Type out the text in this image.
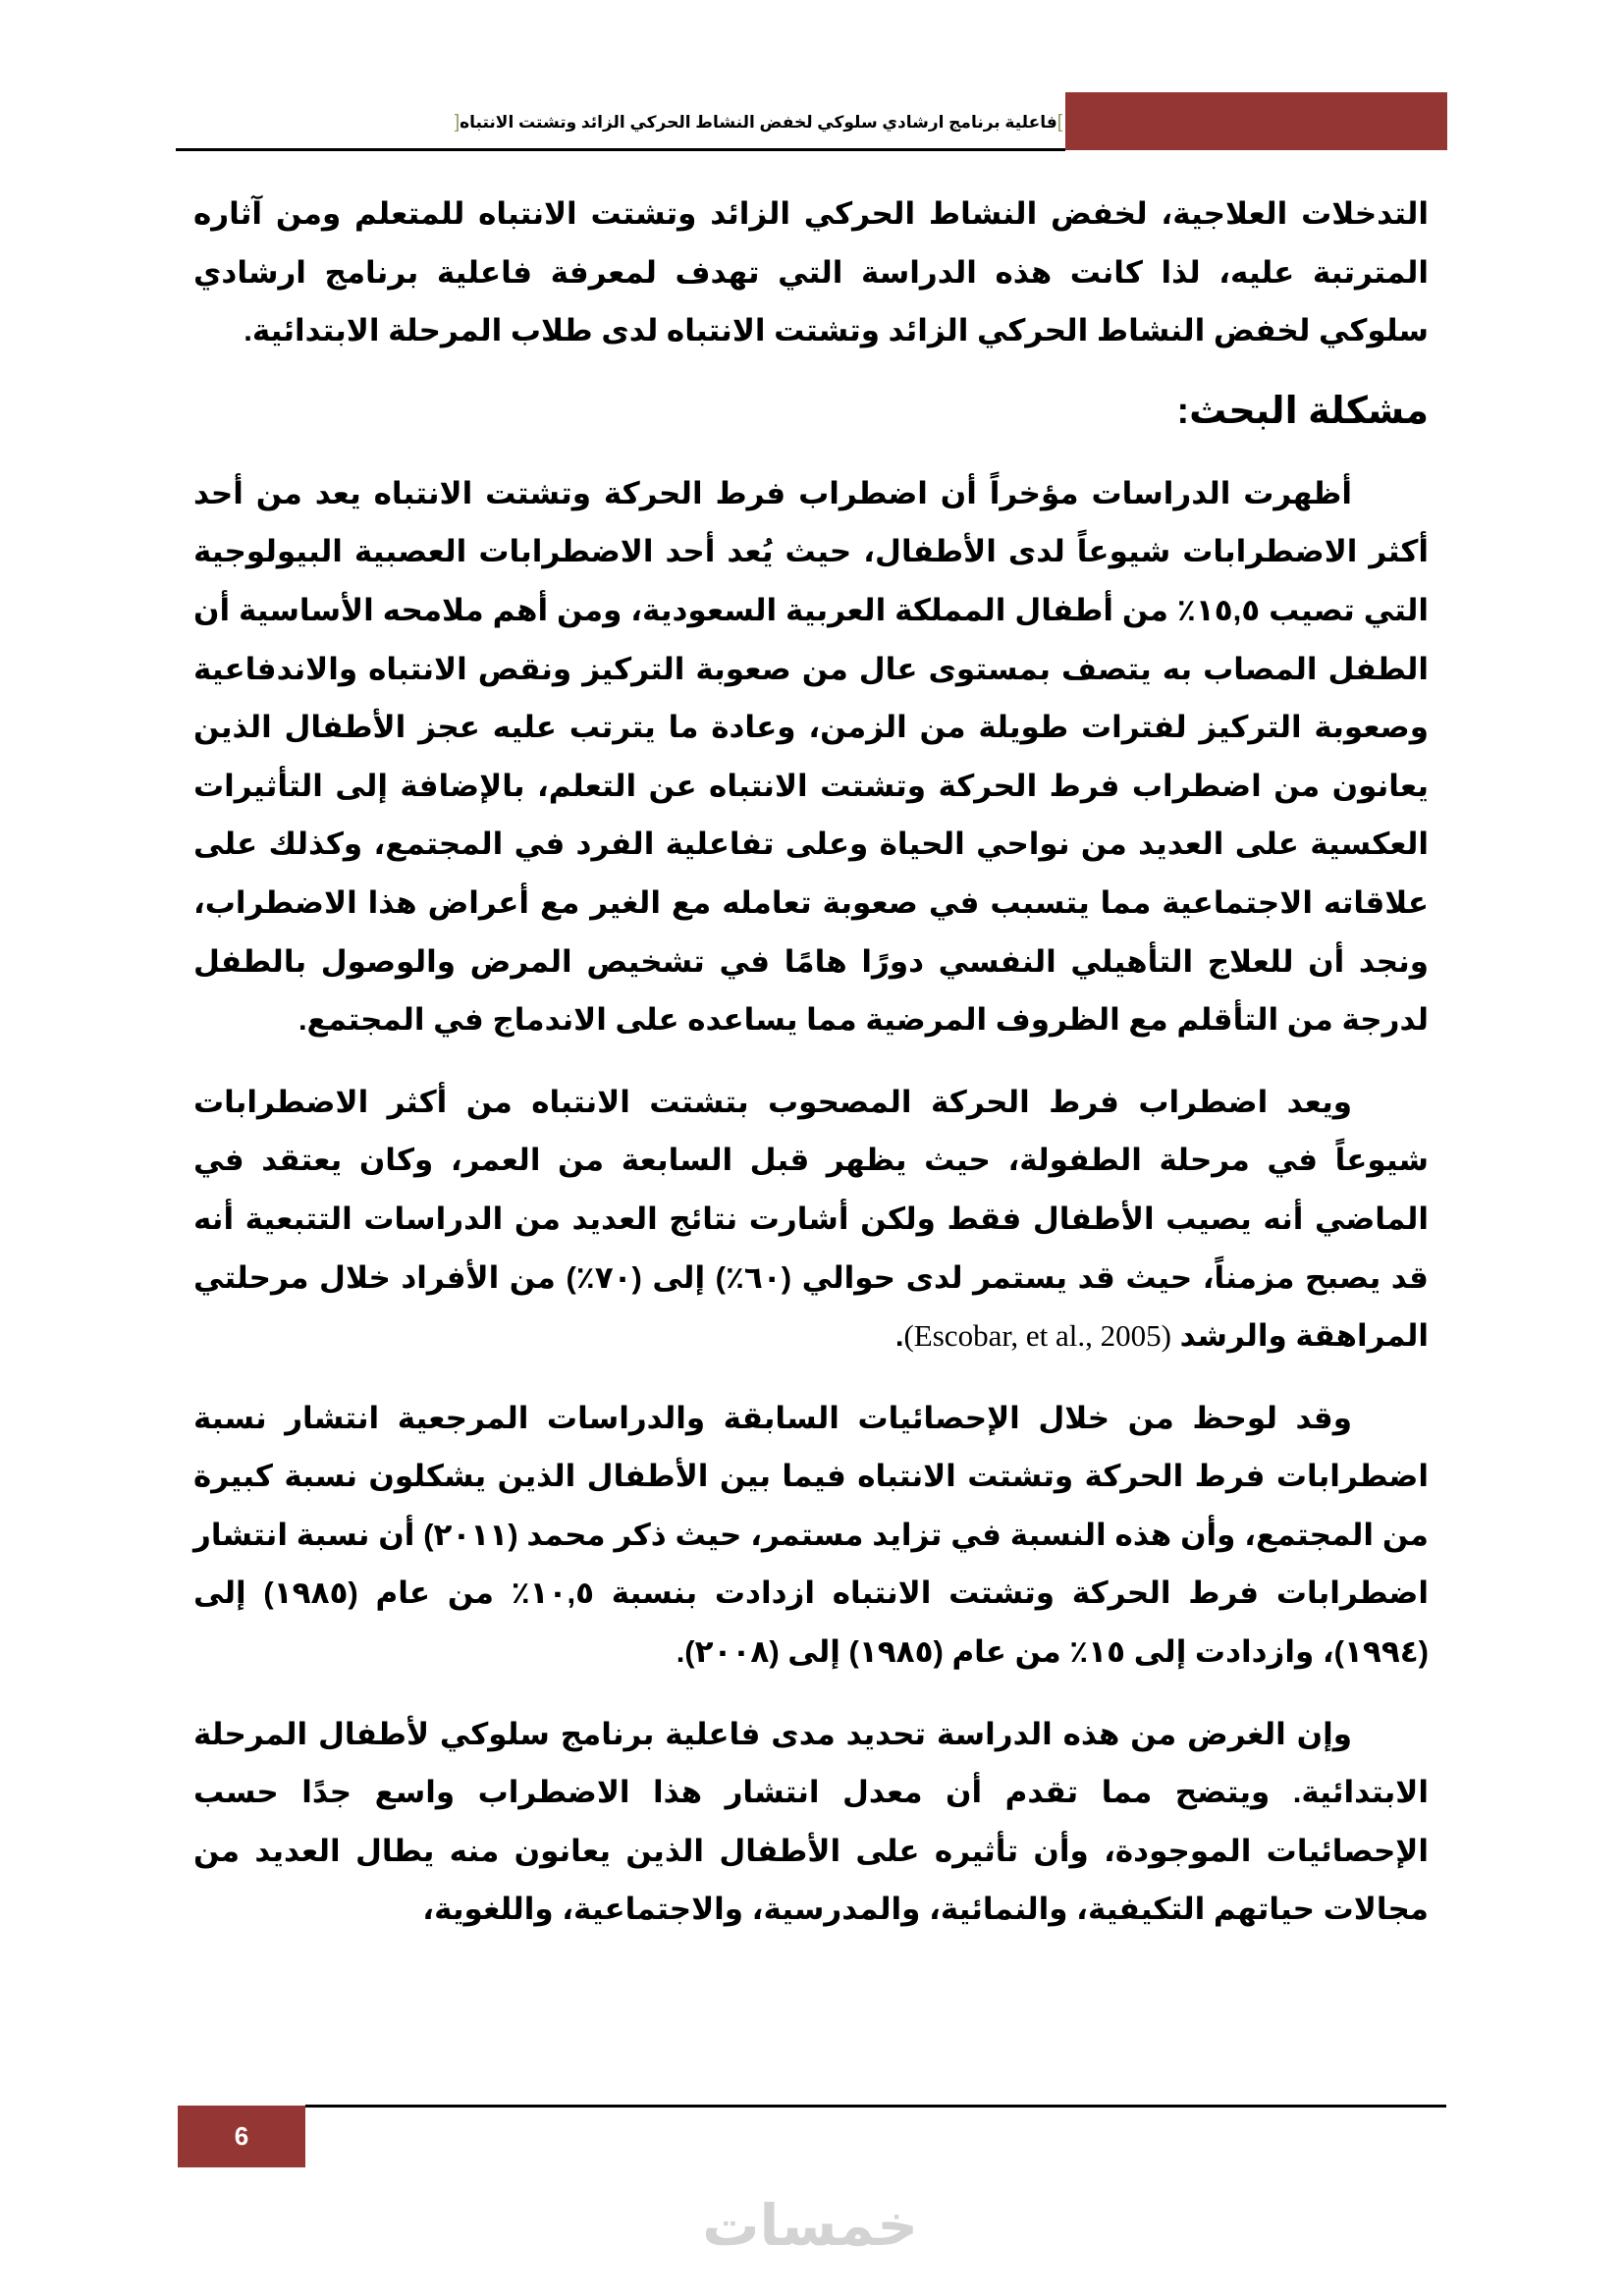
]فاعلية برنامج ارشادي سلوكي لخفض النشاط الحركي الزائد وتشتت الانتباه[

التدخلات العلاجية، لخفض النشاط الحركي الزائد وتشتت الانتباه للمتعلم ومن آثاره المترتبة عليه، لذا كانت هذه الدراسة التي تهدف لمعرفة فاعلية برنامج ارشادي سلوكي لخفض النشاط الحركي الزائد وتشتت الانتباه لدى طلاب المرحلة الابتدائية.

مشكلة البحث:

أظهرت الدراسات مؤخراً أن اضطراب فرط الحركة وتشتت الانتباه يعد من أحد أكثر الاضطرابات شيوعاً لدى الأطفال، حيث يُعد أحد الاضطرابات العصبية البيولوجية التي تصيب ١٥,٥٪ من أطفال المملكة العربية السعودية، ومن أهم ملامحه الأساسية أن الطفل المصاب به يتصف بمستوى عال من صعوبة التركيز ونقص الانتباه والاندفاعية وصعوبة التركيز لفترات طويلة من الزمن، وعادة ما يترتب عليه عجز الأطفال الذين يعانون من اضطراب فرط الحركة وتشتت الانتباه عن التعلم، بالإضافة إلى التأثيرات العكسية على العديد من نواحي الحياة وعلى تفاعلية الفرد في المجتمع، وكذلك على علاقاته الاجتماعية مما يتسبب في صعوبة تعامله مع الغير مع أعراض هذا الاضطراب، ونجد أن للعلاج التأهيلي النفسي دورًا هامًا في تشخيص المرض والوصول بالطفل لدرجة من التأقلم مع الظروف المرضية مما يساعده على الاندماج في المجتمع.

ويعد اضطراب فرط الحركة المصحوب بتشتت الانتباه من أكثر الاضطرابات شيوعاً في مرحلة الطفولة، حيث يظهر قبل السابعة من العمر، وكان يعتقد في الماضي أنه يصيب الأطفال فقط ولكن أشارت نتائج العديد من الدراسات التتبعية أنه قد يصبح مزمناً، حيث قد يستمر لدى حوالي (٦٠٪) إلى (٧٠٪) من الأفراد خلال مرحلتي المراهقة والرشد (Escobar, et al., 2005).

وقد لوحظ من خلال الإحصائيات السابقة والدراسات المرجعية انتشار نسبة اضطرابات فرط الحركة وتشتت الانتباه فيما بين الأطفال الذين يشكلون نسبة كبيرة من المجتمع، وأن هذه النسبة في تزايد مستمر، حيث ذكر محمد (٢٠١١) أن نسبة انتشار اضطرابات فرط الحركة وتشتت الانتباه ازدادت بنسبة ١٠,٥٪ من عام (١٩٨٥) إلى (١٩٩٤)، وازدادت إلى ١٥٪ من عام (١٩٨٥) إلى (٢٠٠٨).

وإن الغرض من هذه الدراسة تحديد مدى فاعلية برنامج سلوكي لأطفال المرحلة الابتدائية. ويتضح مما تقدم أن معدل انتشار هذا الاضطراب واسع جدًا حسب الإحصائيات الموجودة، وأن تأثيره على الأطفال الذين يعانون منه يطال العديد من مجالات حياتهم التكيفية، والنمائية، والمدرسية، والاجتماعية، واللغوية،

6
خمسات
